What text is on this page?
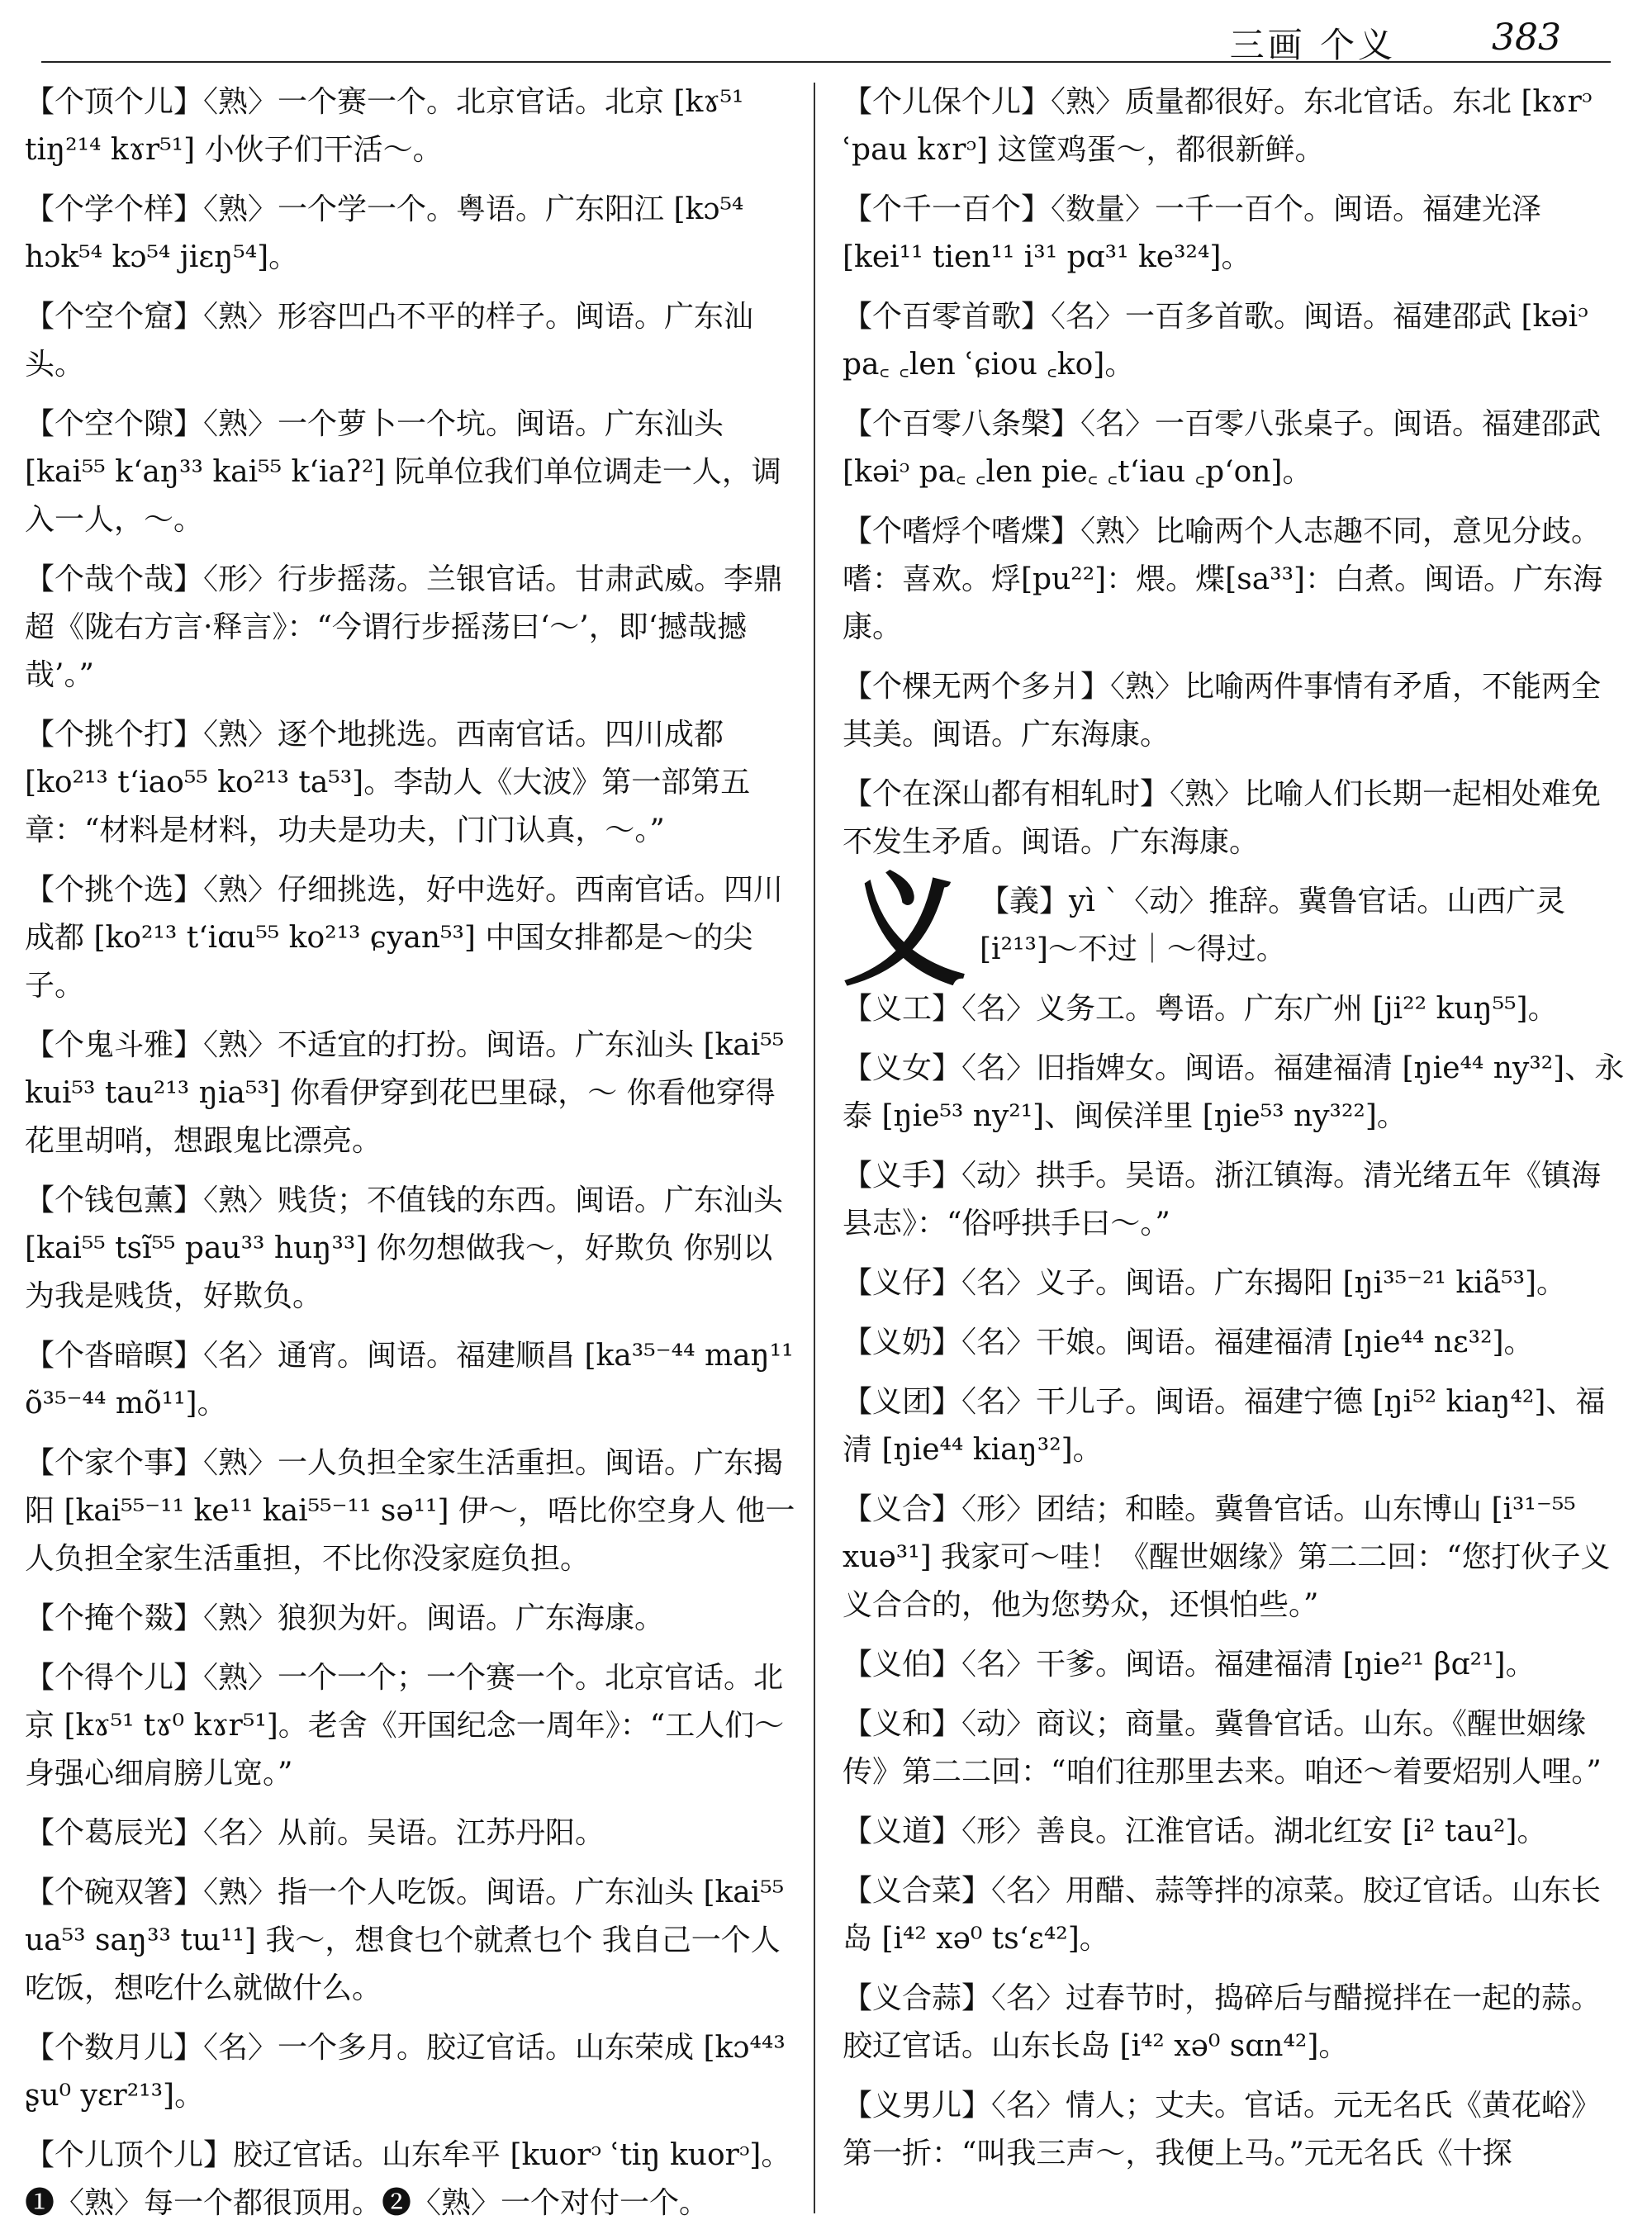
三画 个义	383

【个顶个儿】〈熟〉一个赛一个。北京官话。北京 [kɤ⁵¹ tiŋ²¹⁴ kɤr⁵¹] 小伙子们干活～。

【个学个样】〈熟〉一个学一个。粤语。广东阳江 [kɔ⁵⁴ hɔk⁵⁴ kɔ⁵⁴ jiɛŋ⁵⁴]。

【个空个窟】〈熟〉形容凹凸不平的样子。闽语。广东汕头。

【个空个隙】〈熟〉一个萝卜一个坑。闽语。广东汕头 [kai⁵⁵ kʻaŋ³³ kai⁵⁵ kʻiaʔ²] 阮单位我们单位调走一人，调入一人，～。

【个哉个哉】〈形〉行步摇荡。兰银官话。甘肃武威。李鼎超《陇右方言·释言》：“今谓行步摇荡曰‘～’，即‘撼哉撼哉’。”

【个挑个打】〈熟〉逐个地挑选。西南官话。四川成都 [ko²¹³ tʻiao⁵⁵ ko²¹³ ta⁵³]。李劼人《大波》第一部第五章：“材料是材料，功夫是功夫，门门认真，～。”

【个挑个选】〈熟〉仔细挑选，好中选好。西南官话。四川成都 [ko²¹³ tʻiɑu⁵⁵ ko²¹³ ɕyan⁵³] 中国女排都是～的尖子。

【个鬼斗雅】〈熟〉不适宜的打扮。闽语。广东汕头 [kai⁵⁵ kui⁵³ tau²¹³ ŋia⁵³] 你看伊穿到花巴里碌，～ 你看他穿得花里胡哨，想跟鬼比漂亮。

【个钱包薰】〈熟〉贱货；不值钱的东西。闽语。广东汕头 [kai⁵⁵ tsĩ⁵⁵ pau³³ huŋ³³] 你勿想做我～，好欺负 你别以为我是贱货，好欺负。

【个沓暗暝】〈名〉通宵。闽语。福建顺昌 [ka³⁵⁻⁴⁴ maŋ¹¹ õ³⁵⁻⁴⁴ mõ¹¹]。

【个家个事】〈熟〉一人负担全家生活重担。闽语。广东揭阳 [kai⁵⁵⁻¹¹ ke¹¹ kai⁵⁵⁻¹¹ sə¹¹] 伊～，唔比你空身人 他一人负担全家生活重担，不比你没家庭负担。

【个掩个敠】〈熟〉狼狈为奸。闽语。广东海康。

【个得个儿】〈熟〉一个一个；一个赛一个。北京官话。北京 [kɤ⁵¹ tɤ⁰ kɤr⁵¹]。老舍《开国纪念一周年》：“工人们～身强心细肩膀儿宽。”

【个葛辰光】〈名〉从前。吴语。江苏丹阳。

【个碗双箸】〈熟〉指一个人吃饭。闽语。广东汕头 [kai⁵⁵ ua⁵³ saŋ³³ tɯ¹¹] 我～，想食乜个就煮乜个 我自己一个人吃饭，想吃什么就做什么。

【个数月儿】〈名〉一个多月。胶辽官话。山东荣成 [kɔ⁴⁴³ ʂu⁰ yɛr²¹³]。

【个儿顶个儿】胶辽官话。山东牟平 [kuorᵓ ʿtiŋ kuorᵓ]。❶〈熟〉每一个都很顶用。❷〈熟〉一个对付一个。

【个儿保个儿】〈熟〉质量都很好。东北官话。东北 [kɤrᵓ ʿpau kɤrᵓ] 这筐鸡蛋～，都很新鲜。

【个千一百个】〈数量〉一千一百个。闽语。福建光泽 [kei¹¹ tien¹¹ i³¹ pɑ³¹ ke³²⁴]。

【个百零首歌】〈名〉一百多首歌。闽语。福建邵武 [kəiᵓ pa꜀ ꜀len ʿɕiou ꜀ko]。

【个百零八条槃】〈名〉一百零八张桌子。闽语。福建邵武 [kəiᵓ pa꜀ ꜀len pie꜀ ꜀tʻiau ꜀pʻon]。

【个嗜烰个嗜煠】〈熟〉比喻两个人志趣不同，意见分歧。嗜：喜欢。烰[pu²²]：煨。煠[sa³³]：白煮。闽语。广东海康。

【个棵无两个多爿】〈熟〉比喻两件事情有矛盾，不能两全其美。闽语。广东海康。

【个在深山都有相轧时】〈熟〉比喻人们长期一起相处难免不发生矛盾。闽语。广东海康。

义 【義】yì ˋ〈动〉推辞。冀鲁官话。山西广灵 [i²¹³]～不过｜～得过。

【义工】〈名〉义务工。粤语。广东广州 [ji²² kuŋ⁵⁵]。

【义女】〈名〉旧指婢女。闽语。福建福清 [ŋie⁴⁴ ny³²]、永泰 [ŋie⁵³ ny²¹]、闽侯洋里 [ŋie⁵³ ny³²²]。

【义手】〈动〉拱手。吴语。浙江镇海。清光绪五年《镇海县志》：“俗呼拱手曰～。”

【义仔】〈名〉义子。闽语。广东揭阳 [ŋi³⁵⁻²¹ kiã⁵³]。

【义奶】〈名〉干娘。闽语。福建福清 [ŋie⁴⁴ nɛ³²]。

【义团】〈名〉干儿子。闽语。福建宁德 [ŋi⁵² kiaŋ⁴²]、福清 [ŋie⁴⁴ kiaŋ³²]。

【义合】〈形〉团结；和睦。冀鲁官话。山东博山 [i³¹⁻⁵⁵ xuə³¹] 我家可～哇！《醒世姻缘》第二二回：“您打伙子义义合合的，他为您势众，还惧怕些。”

【义伯】〈名〉干爹。闽语。福建福清 [ŋie²¹ βɑ²¹]。

【义和】〈动〉商议；商量。冀鲁官话。山东。《醒世姻缘传》第二二回：“咱们往那里去来。咱还～着要炤别人哩。”

【义道】〈形〉善良。江淮官话。湖北红安 [i² tau²]。

【义合菜】〈名〉用醋、蒜等拌的凉菜。胶辽官话。山东长岛 [i⁴² xə⁰ tsʻɛ⁴²]。

【义合蒜】〈名〉过春节时，捣碎后与醋搅拌在一起的蒜。胶辽官话。山东长岛 [i⁴² xə⁰ sɑn⁴²]。

【义男儿】〈名〉情人；丈夫。官话。元无名氏《黄花峪》第一折：“叫我三声～，我便上马。”元无名氏《十探
